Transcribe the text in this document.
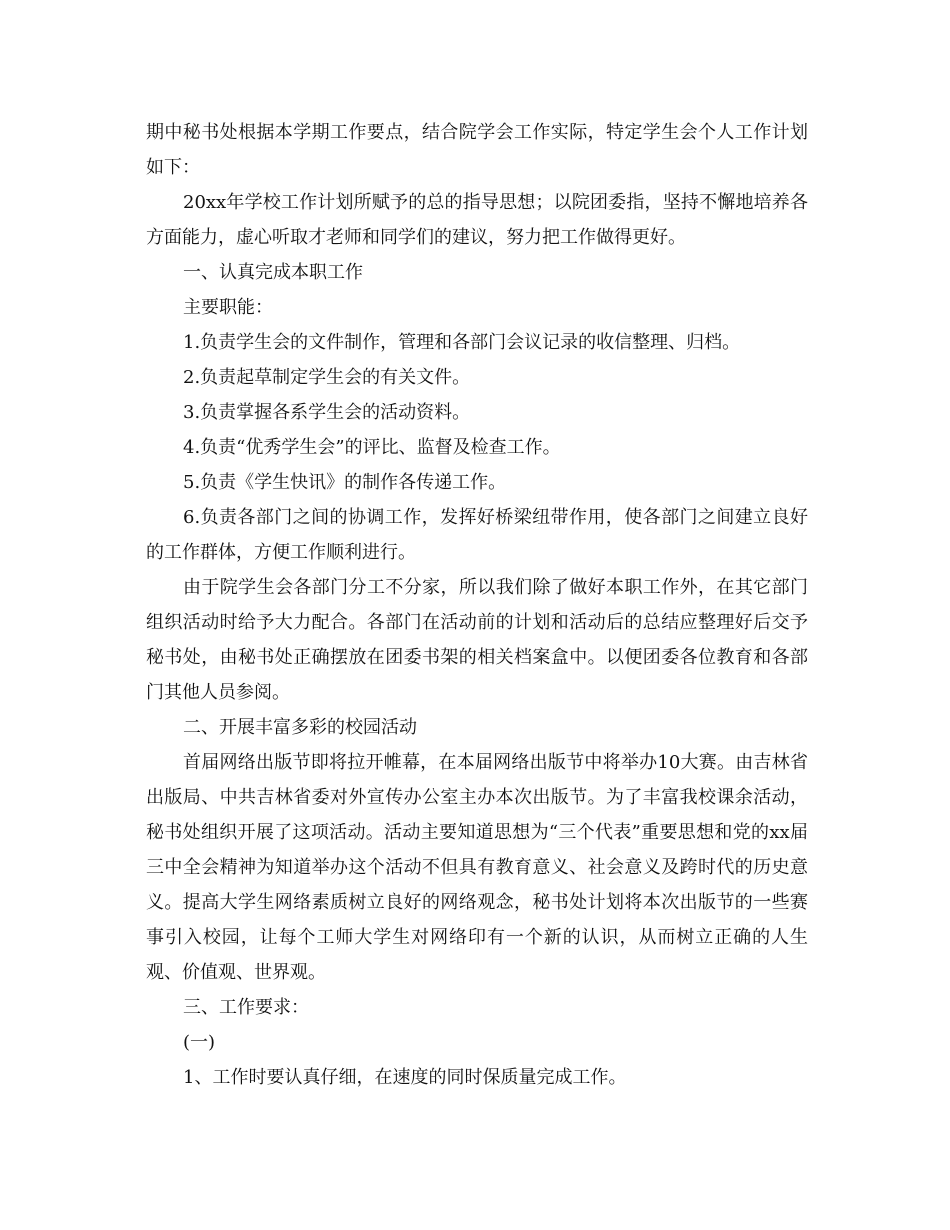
期中秘书处根据本学期工作要点，结合院学会工作实际，特定学生会个人工作计划如下：

20xx年学校工作计划所赋予的总的指导思想；以院团委指，坚持不懈地培养各方面能力，虚心听取才老师和同学们的建议，努力把工作做得更好。

一、认真完成本职工作

主要职能：

1.负责学生会的文件制作，管理和各部门会议记录的收信整理、归档。

2.负责起草制定学生会的有关文件。

3.负责掌握各系学生会的活动资料。

4.负责“优秀学生会”的评比、监督及检查工作。

5.负责《学生快讯》的制作各传递工作。

6.负责各部门之间的协调工作，发挥好桥梁纽带作用，使各部门之间建立良好的工作群体，方便工作顺利进行。

由于院学生会各部门分工不分家，所以我们除了做好本职工作外，在其它部门组织活动时给予大力配合。各部门在活动前的计划和活动后的总结应整理好后交予秘书处，由秘书处正确摆放在团委书架的相关档案盒中。以便团委各位教育和各部门其他人员参阅。

二、开展丰富多彩的校园活动

首届网络出版节即将拉开帷幕，在本届网络出版节中将举办10大赛。由吉林省出版局、中共吉林省委对外宣传办公室主办本次出版节。为了丰富我校课余活动，秘书处组织开展了这项活动。活动主要知道思想为“三个代表”重要思想和党的xx届三中全会精神为知道举办这个活动不但具有教育意义、社会意义及跨时代的历史意义。提高大学生网络素质树立良好的网络观念，秘书处计划将本次出版节的一些赛事引入校园，让每个工师大学生对网络印有一个新的认识，从而树立正确的人生观、价值观、世界观。

三、工作要求：

(一)

1、工作时要认真仔细，在速度的同时保质量完成工作。
